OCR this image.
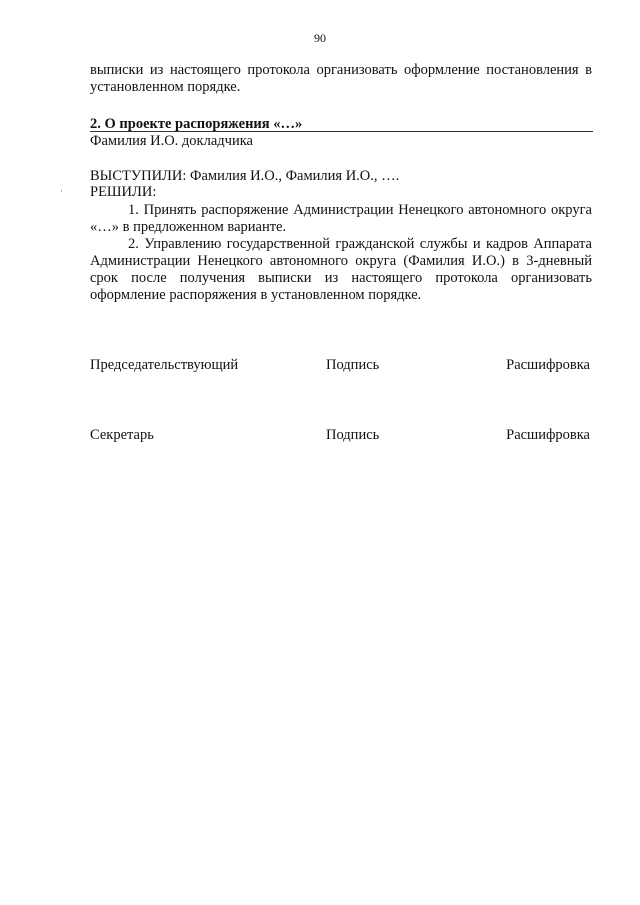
90
выписки из настоящего протокола организовать оформление постановления в установленном порядке.
2. О проекте распоряжения «…»
Фамилия И.О. докладчика
·
ВЫСТУПИЛИ: Фамилия И.О., Фамилия И.О., ….
РЕШИЛИ:
1. Принять распоряжение Администрации Ненецкого автономного округа «…» в предложенном варианте.
2. Управлению государственной гражданской службы и кадров Аппарата Администрации Ненецкого автономного округа (Фамилия И.О.) в 3-дневный срок после получения выписки из настоящего протокола организовать оформление распоряжения в установленном порядке.
Председательствующий	Подпись	Расшифровка
Секретарь	Подпись	Расшифровка
